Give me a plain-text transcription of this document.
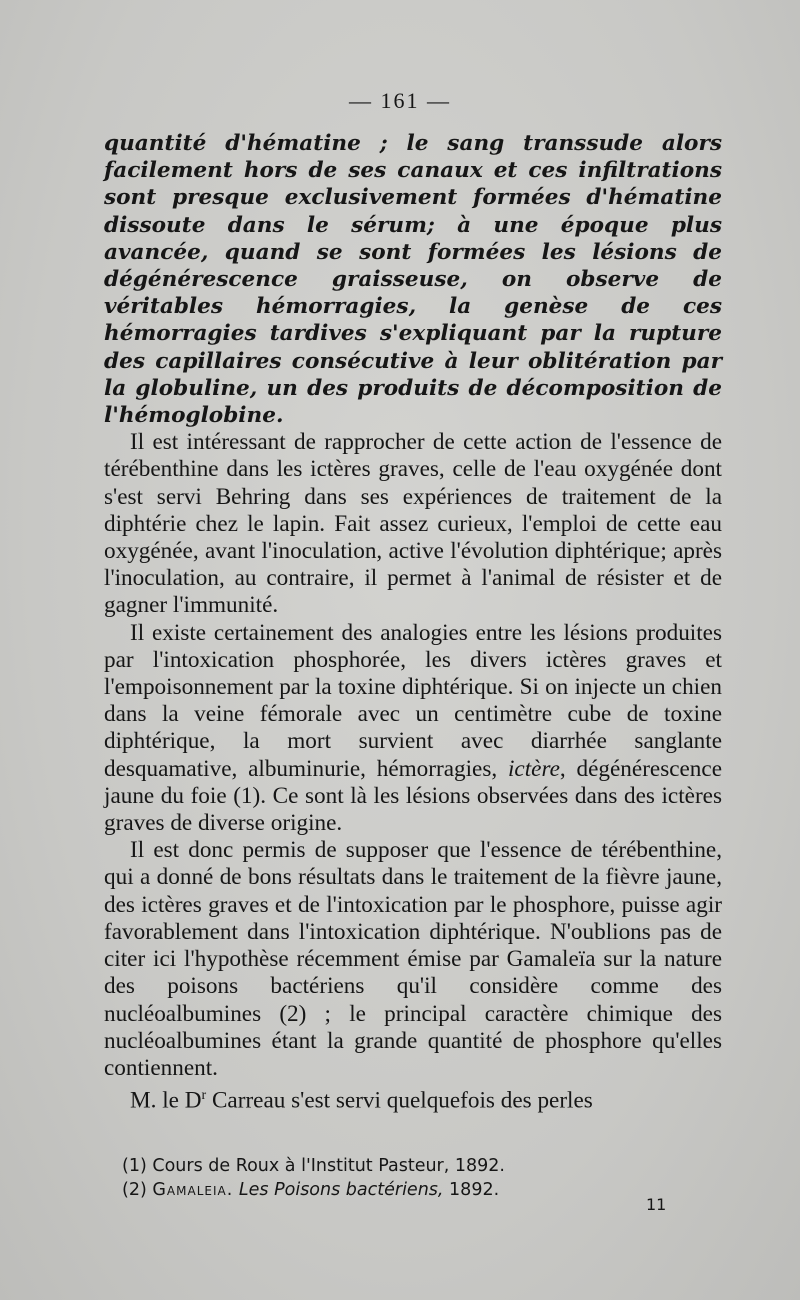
— 161 —

quantité d'hématine ; le sang transsude alors facilement hors de ses canaux et ces infiltrations sont presque exclusivement formées d'hématine dissoute dans le sérum; à une époque plus avancée, quand se sont formées les lésions de dégénérescence graisseuse, on observe de véritables hémorragies, la genèse de ces hémorragies tardives s'expliquant par la rupture des capillaires consécutive à leur oblitération par la globuline, un des produits de décomposition de l'hémoglobine.

Il est intéressant de rapprocher de cette action de l'essence de térébenthine dans les ictères graves, celle de l'eau oxygénée dont s'est servi Behring dans ses expériences de traitement de la diphtérie chez le lapin. Fait assez curieux, l'emploi de cette eau oxygénée, avant l'inoculation, active l'évolution diphtérique; après l'inoculation, au contraire, il permet à l'animal de résister et de gagner l'immunité.

Il existe certainement des analogies entre les lésions produites par l'intoxication phosphorée, les divers ictères graves et l'empoisonnement par la toxine diphtérique. Si on injecte un chien dans la veine fémorale avec un centimètre cube de toxine diphtérique, la mort survient avec diarrhée sanglante desquamative, albuminurie, hémorragies, ictère, dégénérescence jaune du foie (1). Ce sont là les lésions observées dans des ictères graves de diverse origine.

Il est donc permis de supposer que l'essence de térébenthine, qui a donné de bons résultats dans le traitement de la fièvre jaune, des ictères graves et de l'intoxication par le phosphore, puisse agir favorablement dans l'intoxication diphtérique. N'oublions pas de citer ici l'hypothèse récemment émise par Gamaleïa sur la nature des poisons bactériens qu'il considère comme des nucléoalbumines (2) ; le principal caractère chimique des nucléoalbumines étant la grande quantité de phosphore qu'elles contiennent.

M. le $D^r$ Carreau s'est servi quelquefois des perles

(1) Cours de Roux à l'Institut Pasteur, 1892.

(2) Gamaleia. Les Poisons bactériens, 1892.

11
